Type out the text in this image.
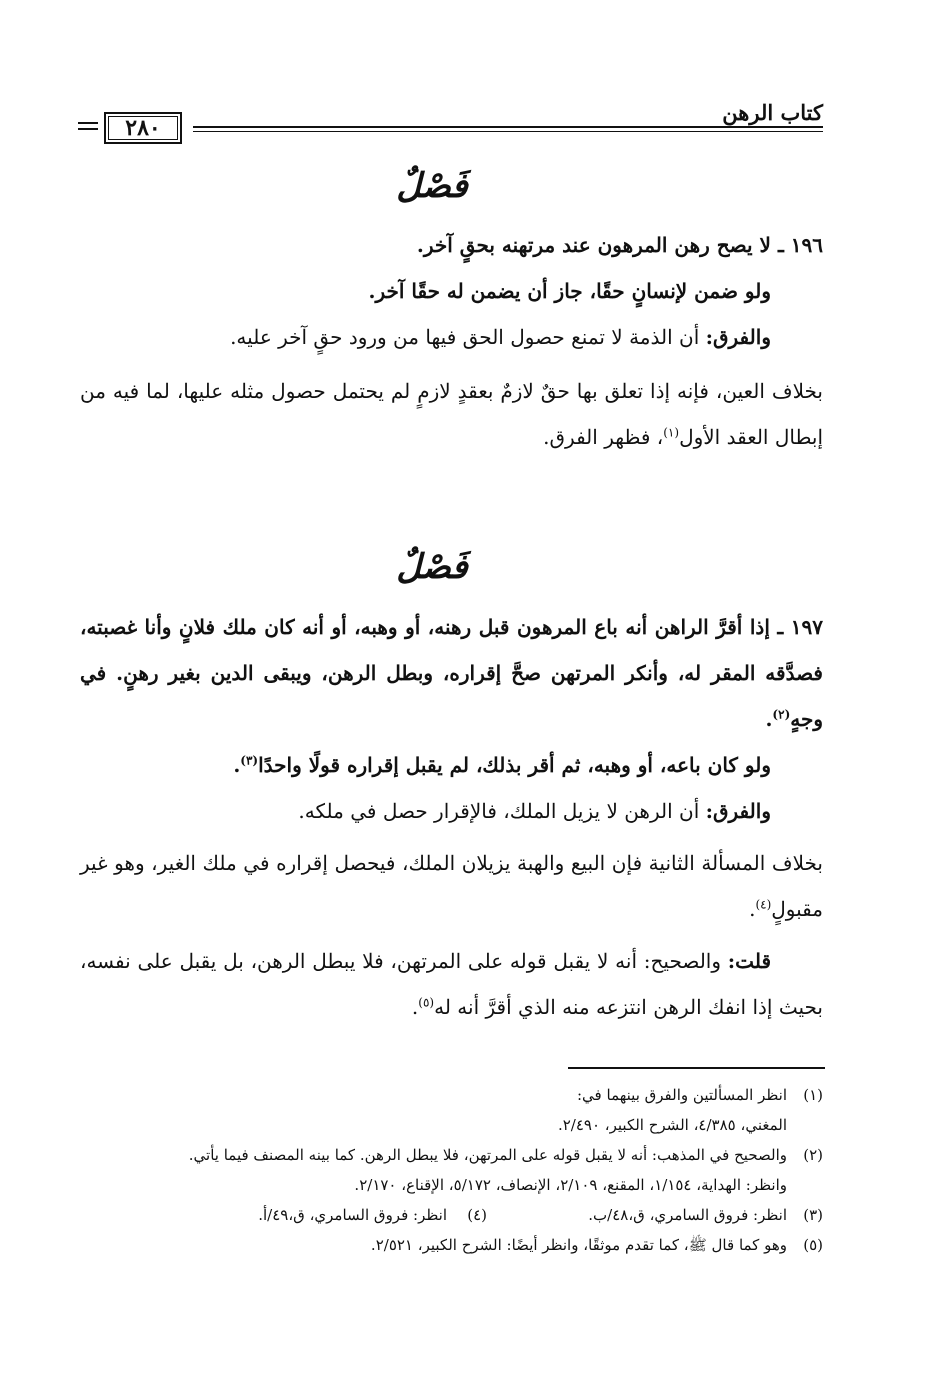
كتاب الرهن
٢٨٠
فَصْلٌ
١٩٦ ـ لا يصح رهن المرهون عند مرتهنه بحقٍ آخر.
ولو ضمن لإنسانٍ حقًا، جاز أن يضمن له حقًا آخر.
والفرق: أن الذمة لا تمنع حصول الحق فيها من ورود حقٍ آخر عليه.
بخلاف العين، فإنه إذا تعلق بها حقٌ لازمٌ بعقدٍ لازمٍ لم يحتمل حصول مثله عليها، لما فيه من إبطال العقد الأول$^{(١)}$، فظهر الفرق.
فَصْلٌ
١٩٧ ـ إذا أقرَّ الراهن أنه باع المرهون قبل رهنه، أو وهبه، أو أنه كان ملك فلانٍ وأنا غصبته، فصدَّقه المقر له، وأنكر المرتهن صحَّ إقراره، وبطل الرهن، ويبقى الدين بغير رهنٍ. في وجهٍ$^{(٢)}$.
ولو كان باعه، أو وهبه، ثم أقر بذلك، لم يقبل إقراره قولًا واحدًا$^{(٣)}$.
والفرق: أن الرهن لا يزيل الملك، فالإقرار حصل في ملكه.
بخلاف المسألة الثانية فإن البيع والهبة يزيلان الملك، فيحصل إقراره في ملك الغير، وهو غير مقبولٍ$^{(٤)}$.
قلت: والصحيح: أنه لا يقبل قوله على المرتهن، فلا يبطل الرهن، بل يقبل على نفسه، بحيث إذا انفك الرهن انتزعه منه الذي أقرَّ أنه له$^{(٥)}$.
(١)
انظر المسألتين والفرق بينهما في:
المغني، ٤/٣٨٥، الشرح الكبير، ٢/٤٩٠.
(٢)
والصحيح في المذهب: أنه لا يقبل قوله على المرتهن، فلا يبطل الرهن. كما بينه المصنف فيما يأتي.
وانظر: الهداية، ١/١٥٤، المقنع، ٢/١٠٩، الإنصاف، ٥/١٧٢، الإقناع، ٢/١٧٠.
(٣)
انظر: فروق السامري، ق،٤٨/ب.
(٤)
انظر: فروق السامري، ق،٤٩/أ.
(٥)
وهو كما قال ﷺ، كما تقدم موثقًا، وانظر أيضًا: الشرح الكبير، ٢/٥٢١.
